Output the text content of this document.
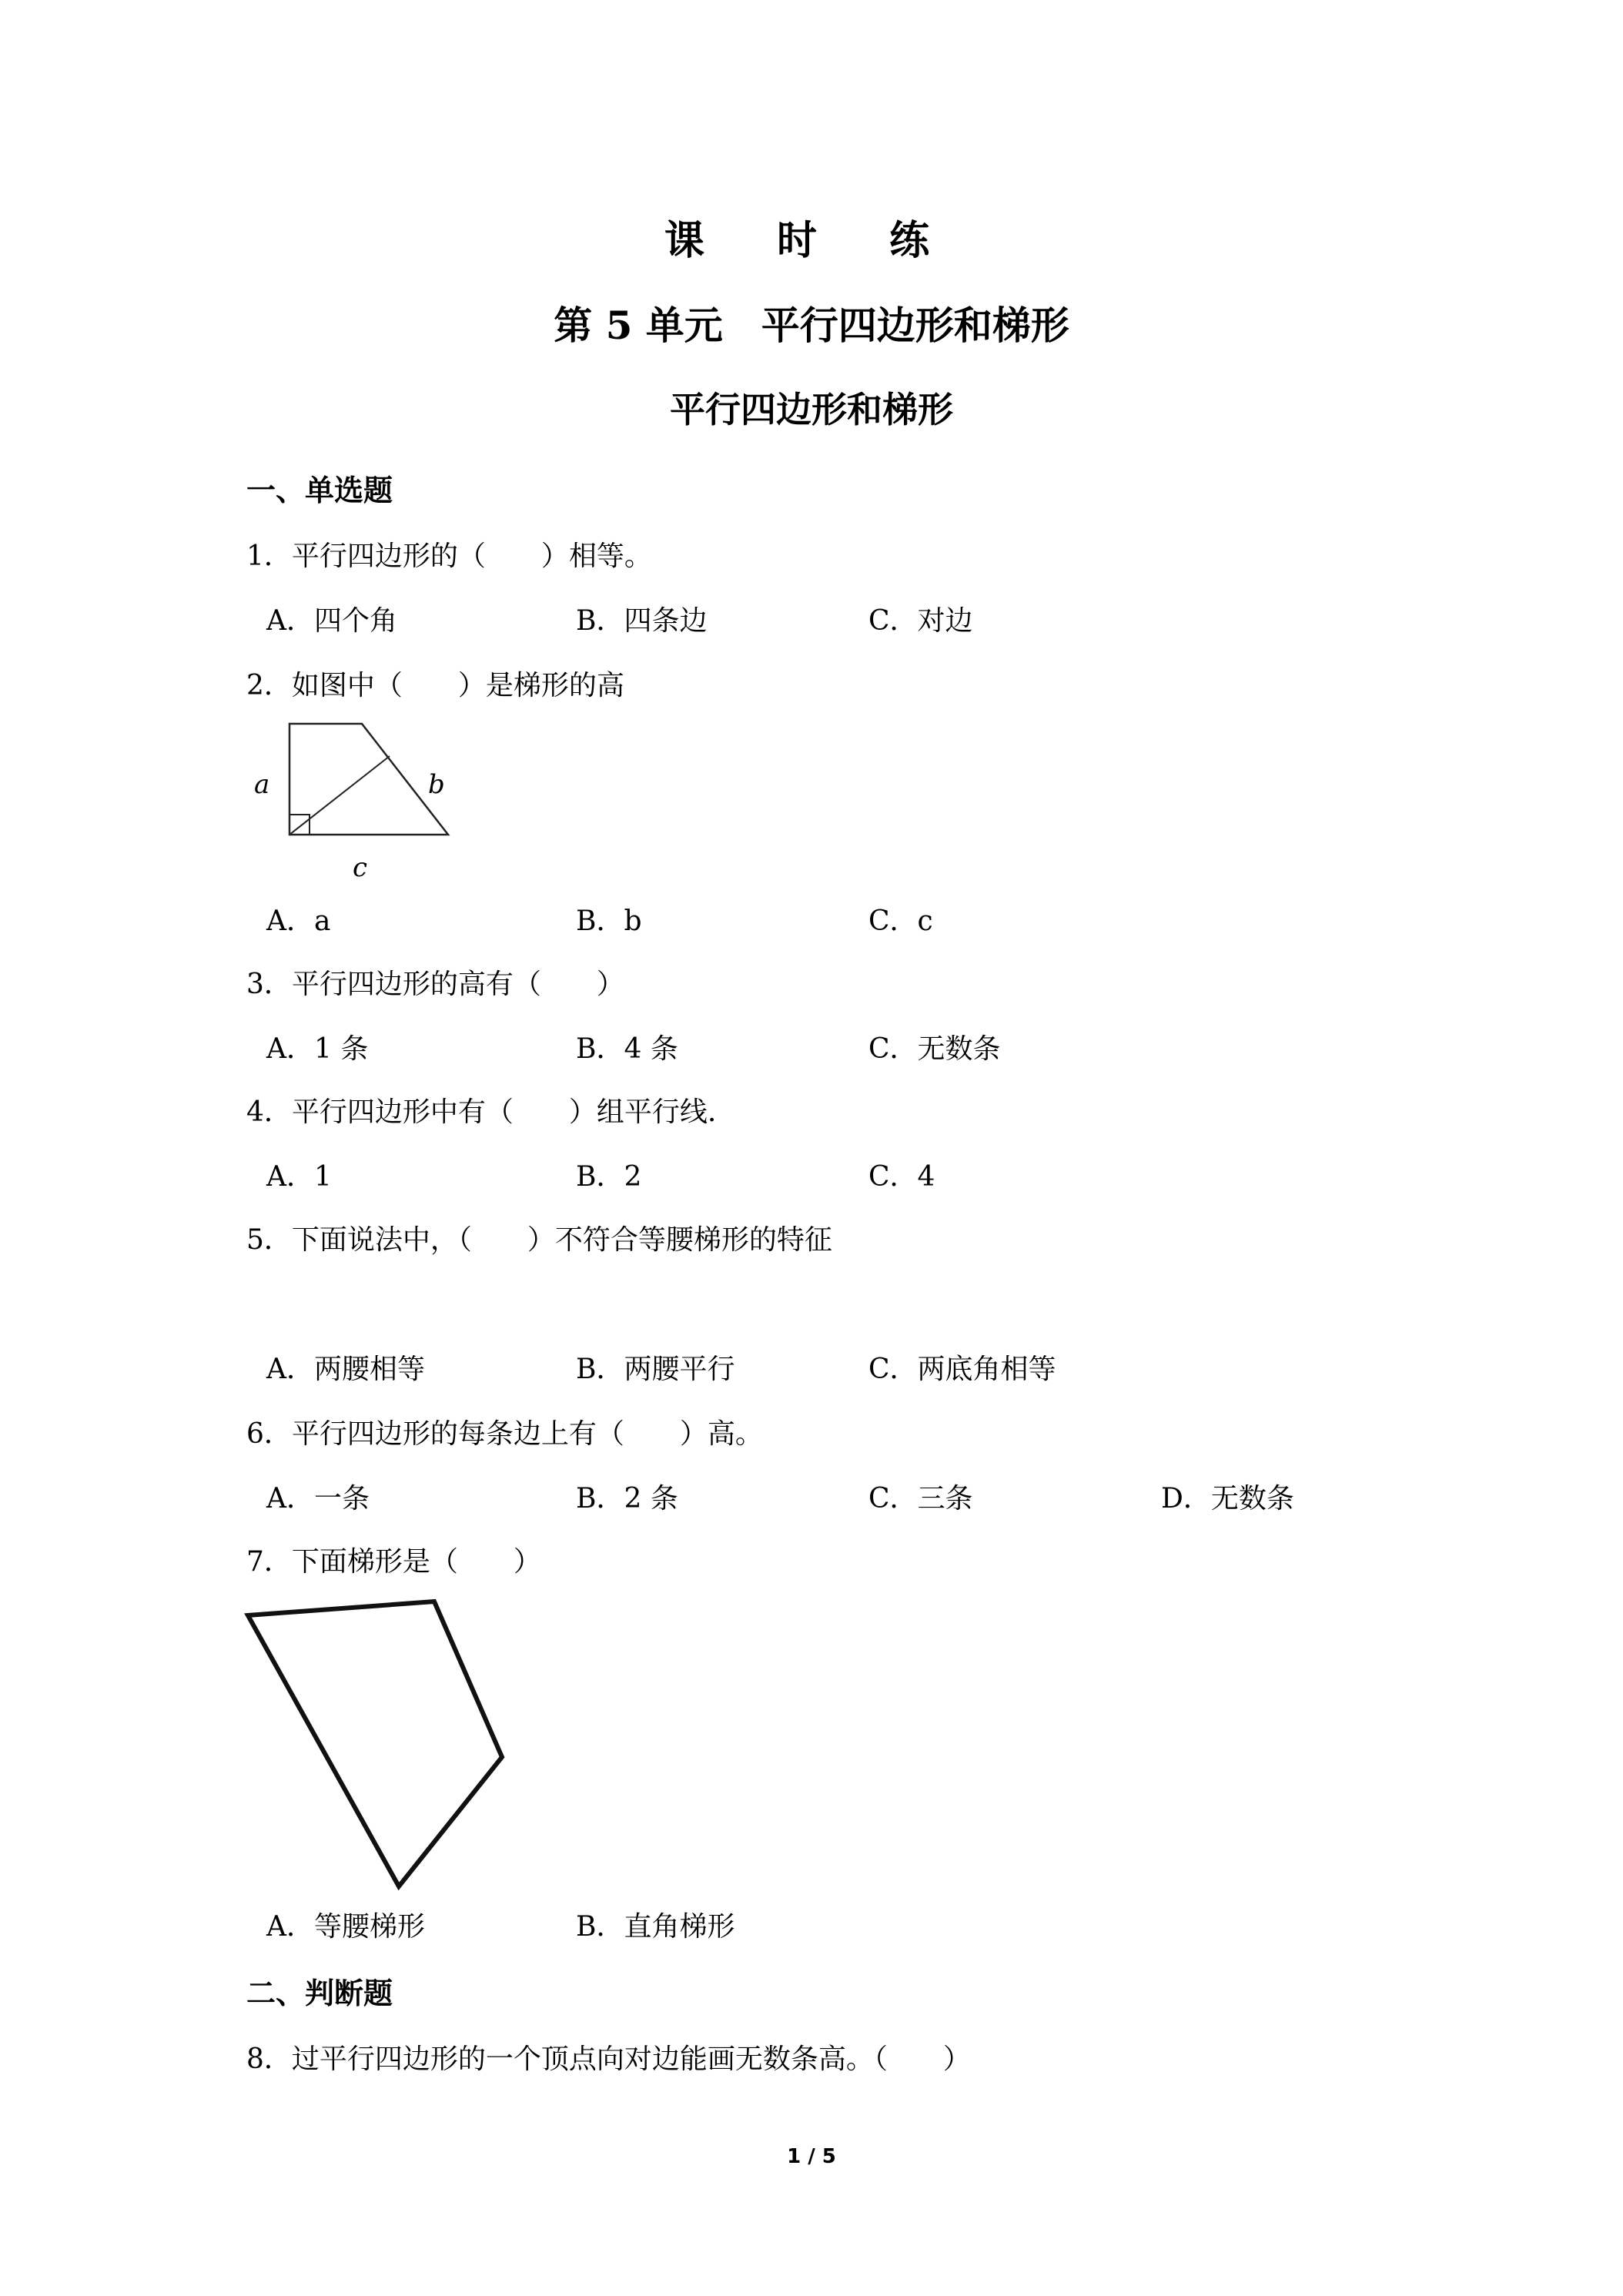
课 时 练
第 5 单元　平行四边形和梯形
平行四边形和梯形
一、单选题
1．平行四边形的（　　）相等。
A．四个角	B．四条边	C．对边
2．如图中（　　）是梯形的高
a	b
c
A．a	B．b	C．c
3．平行四边形的高有（　　）
A．1 条	B．4 条	C．无数条
4．平行四边形中有（　　）组平行线.
A．1	B．2	C．4
5．下面说法中，（　　）不符合等腰梯形的特征
A．两腰相等	B．两腰平行	C．两底角相等
6．平行四边形的每条边上有（　　）高。
A．一条	B．2 条	C．三条	D．无数条
7．下面梯形是（　　）
A．等腰梯形	B．直角梯形
二、判断题
8．过平行四边形的一个顶点向对边能画无数条高。（　　）
1 / 5
